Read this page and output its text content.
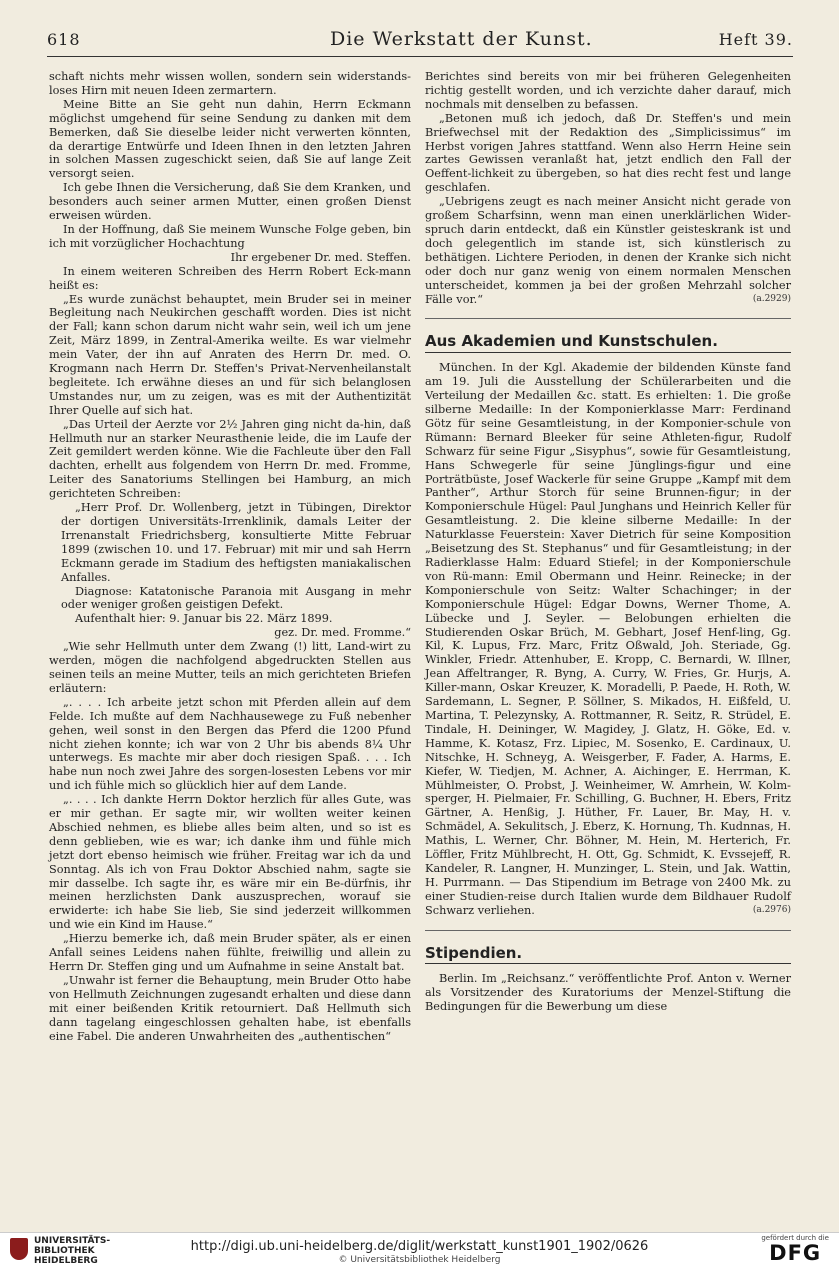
618	Die Werkstatt der Kunst.	Heft 39.

schaft nichts mehr wissen wollen, sondern sein widerstands-loses Hirn mit neuen Ideen zermartern.

Meine Bitte an Sie geht nun dahin, Herrn Eckmann möglichst umgehend für seine Sendung zu danken mit dem Bemerken, daß Sie dieselbe leider nicht verwerten könnten, da derartige Entwürfe und Ideen Ihnen in den letzten Jahren in solchen Massen zugeschickt seien, daß Sie auf lange Zeit versorgt seien.

Ich gebe Ihnen die Versicherung, daß Sie dem Kranken, und besonders auch seiner armen Mutter, einen großen Dienst erweisen würden.

In der Hoffnung, daß Sie meinem Wunsche Folge geben, bin ich mit vorzüglicher Hochachtung

Ihr ergebener Dr. med. Steffen.

In einem weiteren Schreiben des Herrn Robert Eck-mann heißt es:

„Es wurde zunächst behauptet, mein Bruder sei in meiner Begleitung nach Neukirchen geschafft worden. Dies ist nicht der Fall; kann schon darum nicht wahr sein, weil ich um jene Zeit, März 1899, in Zentral-Amerika weilte. Es war vielmehr mein Vater, der ihn auf Anraten des Herrn Dr. med. O. Krogmann nach Herrn Dr. Steffen's Privat-Nervenheilanstalt begleitete. Ich erwähne dieses an und für sich belanglosen Umstandes nur, um zu zeigen, was es mit der Authentizität Ihrer Quelle auf sich hat.

„Das Urteil der Aerzte vor 2½ Jahren ging nicht da-hin, daß Hellmuth nur an starker Neurasthenie leide, die im Laufe der Zeit gemildert werden könne. Wie die Fachleute über den Fall dachten, erhellt aus folgendem von Herrn Dr. med. Fromme, Leiter des Sanatoriums Stellingen bei Hamburg, an mich gerichteten Schreiben:

„Herr Prof. Dr. Wollenberg, jetzt in Tübingen, Direktor der dortigen Universitäts-Irrenklinik, damals Leiter der Irrenanstalt Friedrichsberg, konsultierte Mitte Februar 1899 (zwischen 10. und 17. Februar) mit mir und sah Herrn Eckmann gerade im Stadium des heftigsten maniakalischen Anfalles.

Diagnose: Katatonische Paranoia mit Ausgang in mehr oder weniger großen geistigen Defekt.

Aufenthalt hier: 9. Januar bis 22. März 1899.

gez. Dr. med. Fromme.“

„Wie sehr Hellmuth unter dem Zwang (!) litt, Land-wirt zu werden, mögen die nachfolgend abgedruckten Stellen aus seinen teils an meine Mutter, teils an mich gerichteten Briefen erläutern:

„. . . . Ich arbeite jetzt schon mit Pferden allein auf dem Felde. Ich mußte auf dem Nachhausewege zu Fuß nebenher gehen, weil sonst in den Bergen das Pferd die 1200 Pfund nicht ziehen konnte; ich war von 2 Uhr bis abends 8¼ Uhr unterwegs. Es machte mir aber doch riesigen Spaß. . . . Ich habe nun noch zwei Jahre des sorgen-losesten Lebens vor mir und ich fühle mich so glücklich hier auf dem Lande.

„. . . . Ich dankte Herrn Doktor herzlich für alles Gute, was er mir gethan. Er sagte mir, wir wollten weiter keinen Abschied nehmen, es bliebe alles beim alten, und so ist es denn geblieben, wie es war; ich danke ihm und fühle mich jetzt dort ebenso heimisch wie früher. Freitag war ich da und Sonntag. Als ich von Frau Doktor Abschied nahm, sagte sie mir dasselbe. Ich sagte ihr, es wäre mir ein Be-dürfnis, ihr meinen herzlichsten Dank auszusprechen, worauf sie erwiderte: ich habe Sie lieb, Sie sind jederzeit willkommen und wie ein Kind im Hause.“

„Hierzu bemerke ich, daß mein Bruder später, als er einen Anfall seines Leidens nahen fühlte, freiwillig und allein zu Herrn Dr. Steffen ging und um Aufnahme in seine Anstalt bat.

„Unwahr ist ferner die Behauptung, mein Bruder Otto habe von Hellmuth Zeichnungen zugesandt erhalten und diese dann mit einer beißenden Kritik retourniert. Daß Hellmuth sich dann tagelang eingeschlossen gehalten habe, ist ebenfalls eine Fabel. Die anderen Unwahrheiten des „authentischen“

Berichtes sind bereits von mir bei früheren Gelegenheiten richtig gestellt worden, und ich verzichte daher darauf, mich nochmals mit denselben zu befassen.

„Betonen muß ich jedoch, daß Dr. Steffen's und mein Briefwechsel mit der Redaktion des „Simplicissimus“ im Herbst vorigen Jahres stattfand. Wenn also Herrn Heine sein zartes Gewissen veranlaßt hat, jetzt endlich den Fall der Oeffent-lichkeit zu übergeben, so hat dies recht fest und lange geschlafen.

„Uebrigens zeugt es nach meiner Ansicht nicht gerade von großem Scharfsinn, wenn man einen unerklärlichen Wider-spruch darin entdeckt, daß ein Künstler geisteskrank ist und doch gelegentlich im stande ist, sich künstlerisch zu bethätigen. Lichtere Perioden, in denen der Kranke sich nicht oder doch nur ganz wenig von einem normalen Menschen unterscheidet, kommen ja bei der großen Mehrzahl solcher Fälle vor.“	(a.2929)

Aus Akademien und Kunstschulen.

München. In der Kgl. Akademie der bildenden Künste fand am 19. Juli die Ausstellung der Schülerarbeiten und die Verteilung der Medaillen &c. statt. Es erhielten: 1. Die große silberne Medaille: In der Komponierklasse Marr: Ferdinand Götz für seine Gesamtleistung, in der Komponier-schule von Rümann: Bernard Bleeker für seine Athleten-figur, Rudolf Schwarz für seine Figur „Sisyphus“, sowie für Gesamtleistung, Hans Schwegerle für seine Jünglings-figur und eine Porträtbüste, Josef Wackerle für seine Gruppe „Kampf mit dem Panther“, Arthur Storch für seine Brunnen-figur; in der Komponierschule Hügel: Paul Junghans und Heinrich Keller für Gesamtleistung. 2. Die kleine silberne Medaille: In der Naturklasse Feuerstein: Xaver Dietrich für seine Komposition „Beisetzung des St. Stephanus“ und für Gesamtleistung; in der Radierklasse Halm: Eduard Stiefel; in der Komponierschule von Rü-mann: Emil Obermann und Heinr. Reinecke; in der Komponierschule von Seitz: Walter Schachinger; in der Komponierschule Hügel: Edgar Downs, Werner Thome, A. Lübecke und J. Seyler. — Belobungen erhielten die Studierenden Oskar Brüch, M. Gebhart, Josef Henf-ling, Gg. Kil, K. Lupus, Frz. Marc, Fritz Oßwald, Joh. Steriade, Gg. Winkler, Friedr. Attenhuber, E. Kropp, C. Bernardi, W. Illner, Jean Affeltranger, R. Byng, A. Curry, W. Fries, Gr. Hurjs, A. Killer-mann, Oskar Kreuzer, K. Moradelli, P. Paede, H. Roth, W. Sardemann, L. Segner, P. Söllner, S. Mikados, H. Eißfeld, U. Martina, T. Pelezynsky, A. Rottmanner, R. Seitz, R. Strüdel, E. Tindale, H. Deininger, W. Magidey, J. Glatz, H. Göke, Ed. v. Hamme, K. Kotasz, Frz. Lipiec, M. Sosenko, E. Cardinaux, U. Nitschke, H. Schneyg, A. Weisgerber, F. Fader, A. Harms, E. Kiefer, W. Tiedjen, M. Achner, A. Aichinger, E. Herrman, K. Mühlmeister, O. Probst, J. Weinheimer, W. Amrhein, W. Kolm-sperger, H. Pielmaier, Fr. Schilling, G. Buchner, H. Ebers, Fritz Gärtner, A. Henßig, J. Hüther, Fr. Lauer, Br. May, H. v. Schmädel, A. Sekulitsch, J. Eberz, K. Hornung, Th. Kudnnas, H. Mathis, L. Werner, Chr. Böhner, M. Hein, M. Herterich, Fr. Löffler, Fritz Mühlbrecht, H. Ott, Gg. Schmidt, K. Evssejeff, R. Kandeler, R. Langner, H. Munzinger, L. Stein, und Jak. Wattin, H. Purrmann. — Das Stipendium im Betrage von 2400 Mk. zu einer Studien-reise durch Italien wurde dem Bildhauer Rudolf Schwarz verliehen.	(a.2976)

Stipendien.

Berlin. Im „Reichsanz.“ veröffentlichte Prof. Anton v. Werner als Vorsitzender des Kuratoriums der Menzel-Stiftung die Bedingungen für die Bewerbung um diese

UNIVERSITÄTS-BIBLIOTHEK HEIDELBERG
http://digi.ub.uni-heidelberg.de/diglit/werkstatt_kunst1901_1902/0626
© Universitätsbibliothek Heidelberg
gefördert durch die
DFG
